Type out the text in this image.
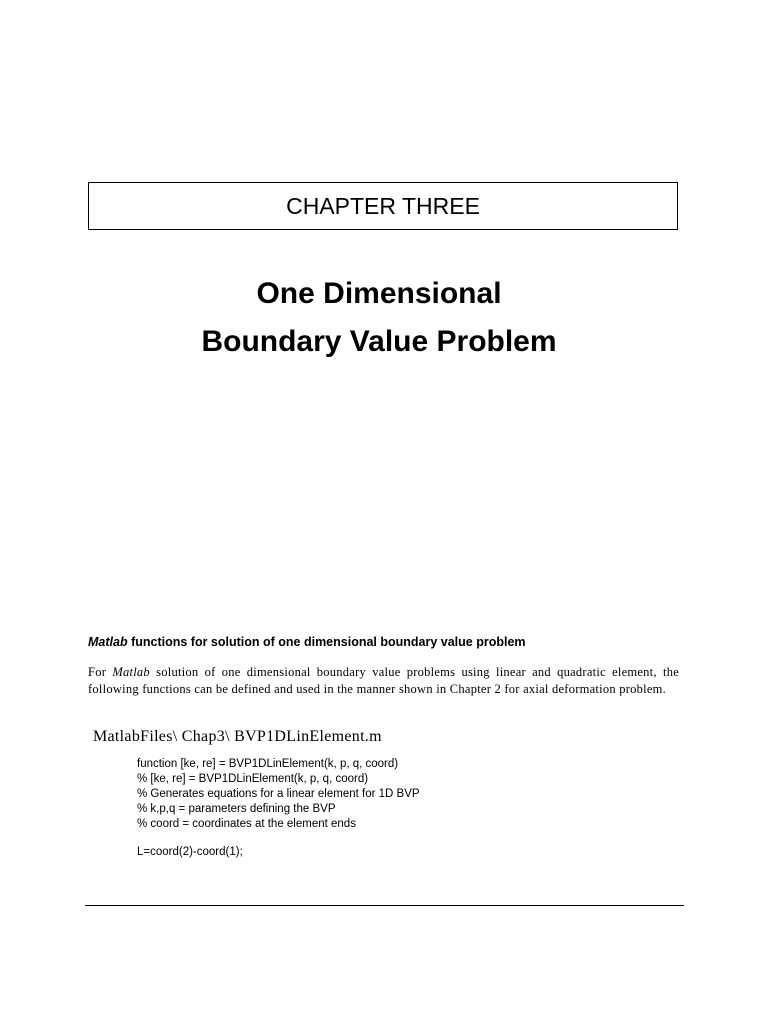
CHAPTER THREE
One Dimensional
Boundary Value Problem
Matlab functions for solution of one dimensional boundary value problem
For Matlab solution of one dimensional boundary value problems using linear and quadratic element, the following functions can be defined and used in the manner shown in Chapter 2 for axial deformation problem.
MatlabFiles\ Chap3\ BVP1DLinElement.m
function [ke, re] = BVP1DLinElement(k, p, q, coord)
% [ke, re] = BVP1DLinElement(k, p, q, coord)
% Generates equations for a linear element for 1D BVP
% k,p,q = parameters defining the BVP
% coord = coordinates at the element ends
L=coord(2)-coord(1);
